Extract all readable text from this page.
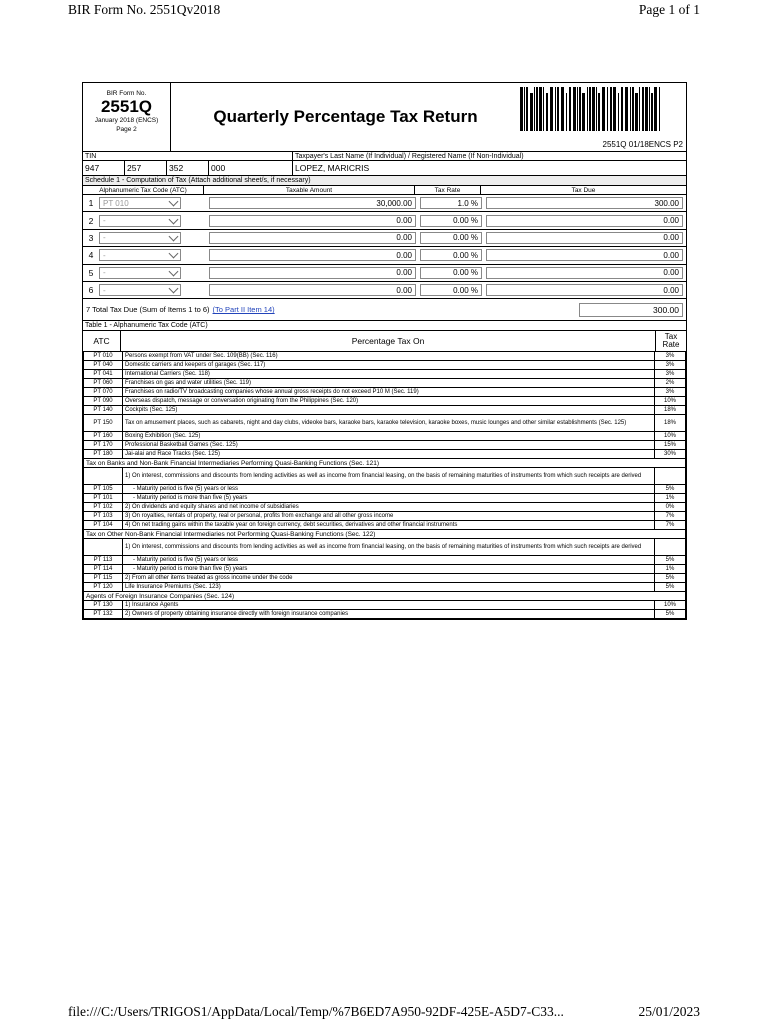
BIR Form No. 2551Qv2018	Page 1 of 1
BIR Form No.
2551Q
January 2018 (ENCS)
Page 2
Quarterly Percentage Tax Return
2551Q 01/18ENCS P2
TIN	Taxpayer's Last Name (If Individual) / Registered Name (If Non-Individual)
947	257	352	000	LOPEZ, MARICRIS
Schedule 1 - Computation of Tax (Attach additional sheet/s, if necessary)
Alphanumeric Tax Code (ATC)	Taxable Amount	Tax Rate	Tax Due
1	PT 010	30,000.00	1.0 %	300.00
2	-	0.00	0.00 %	0.00
3	-	0.00	0.00 %	0.00
4	-	0.00	0.00 %	0.00
5	-	0.00	0.00 %	0.00
6	-	0.00	0.00 %	0.00
7 Total Tax Due (Sum of Items 1 to 6) (To Part II Item 14)	300.00
Table 1 - Alphanumeric Tax Code (ATC)
ATC	Percentage Tax On	Tax Rate
PT 010	Persons exempt from VAT under Sec. 109(BB) (Sec. 116)	3%
PT 040	Domestic carriers and keepers of garages (Sec. 117)	3%
PT 041	International Carriers (Sec. 118)	3%
PT 060	Franchises on gas and water utilities (Sec. 119)	2%
PT 070	Franchises on radio/TV broadcasting companies whose annual gross receipts do not exceed P10 M (Sec. 119)	3%
PT 090	Overseas dispatch, message or conversation originating from the Philippines (Sec. 120)	10%
PT 140	Cockpits (Sec. 125)	18%
PT 150	Tax on amusement places, such as cabarets, night and day clubs, videoke bars, karaoke bars, karaoke television, karaoke boxes, music lounges and other similar establishments (Sec. 125)	18%
PT 160	Boxing Exhibition (Sec. 125)	10%
PT 170	Professional Basketball Games (Sec. 125)	15%
PT 180	Jai-alai and Race Tracks (Sec. 125)	30%
Tax on Banks and Non-Bank Financial Intermediaries Performing Quasi-Banking Functions (Sec. 121)		
	1) On interest, commissions and discounts from lending activities as well as income from financial leasing, on the basis of remaining maturities of instruments from which such receipts are derived	
PT 105	- Maturity period is five (5) years or less	5%
PT 101	- Maturity period is more than five (5) years	1%
PT 102	2) On dividends and equity shares and net income of subsidiaries	0%
PT 103	3) On royalties, rentals of property, real or personal, profits from exchange and all other gross income	7%
PT 104	4) On net trading gains within the taxable year on foreign currency, debt securities, derivatives and other financial instruments	7%
Tax on Other Non-Bank Financial Intermediaries not Performing Quasi-Banking Functions (Sec. 122)		
	1) On interest, commissions and discounts from lending activities as well as income from financial leasing, on the basis of remaining maturities of instruments from which such receipts are derived	
PT 113	- Maturity period is five (5) years or less	5%
PT 114	- Maturity period is more than five (5) years	1%
PT 115	2) From all other items treated as gross income under the code	5%
PT 120	Life Insurance Premiums (Sec. 123)	5%
Agents of Foreign Insurance Companies (Sec. 124)		
PT 130	1) Insurance Agents	10%
PT 132	2) Owners of property obtaining insurance directly with foreign insurance companies	5%
file:///C:/Users/TRIGOS1/AppData/Local/Temp/%7B6ED7A950-92DF-425E-A5D7-C33...	25/01/2023
